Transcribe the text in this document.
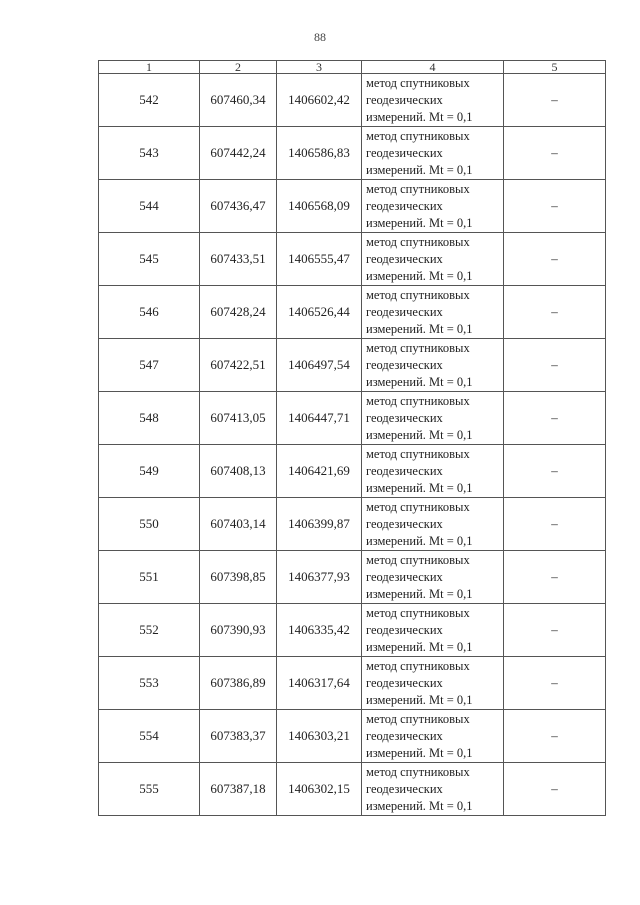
88
1	2	3	4	5
542	607460,34	1406602,42	метод спутниковых
геодезических
измерений. Mt = 0,1	–
543	607442,24	1406586,83	метод спутниковых
геодезических
измерений. Mt = 0,1	–
544	607436,47	1406568,09	метод спутниковых
геодезических
измерений. Mt = 0,1	–
545	607433,51	1406555,47	метод спутниковых
геодезических
измерений. Mt = 0,1	–
546	607428,24	1406526,44	метод спутниковых
геодезических
измерений. Mt = 0,1	–
547	607422,51	1406497,54	метод спутниковых
геодезических
измерений. Mt = 0,1	–
548	607413,05	1406447,71	метод спутниковых
геодезических
измерений. Mt = 0,1	–
549	607408,13	1406421,69	метод спутниковых
геодезических
измерений. Mt = 0,1	–
550	607403,14	1406399,87	метод спутниковых
геодезических
измерений. Mt = 0,1	–
551	607398,85	1406377,93	метод спутниковых
геодезических
измерений. Mt = 0,1	–
552	607390,93	1406335,42	метод спутниковых
геодезических
измерений. Mt = 0,1	–
553	607386,89	1406317,64	метод спутниковых
геодезических
измерений. Mt = 0,1	–
554	607383,37	1406303,21	метод спутниковых
геодезических
измерений. Mt = 0,1	–
555	607387,18	1406302,15	метод спутниковых
геодезических
измерений. Mt = 0,1	–
